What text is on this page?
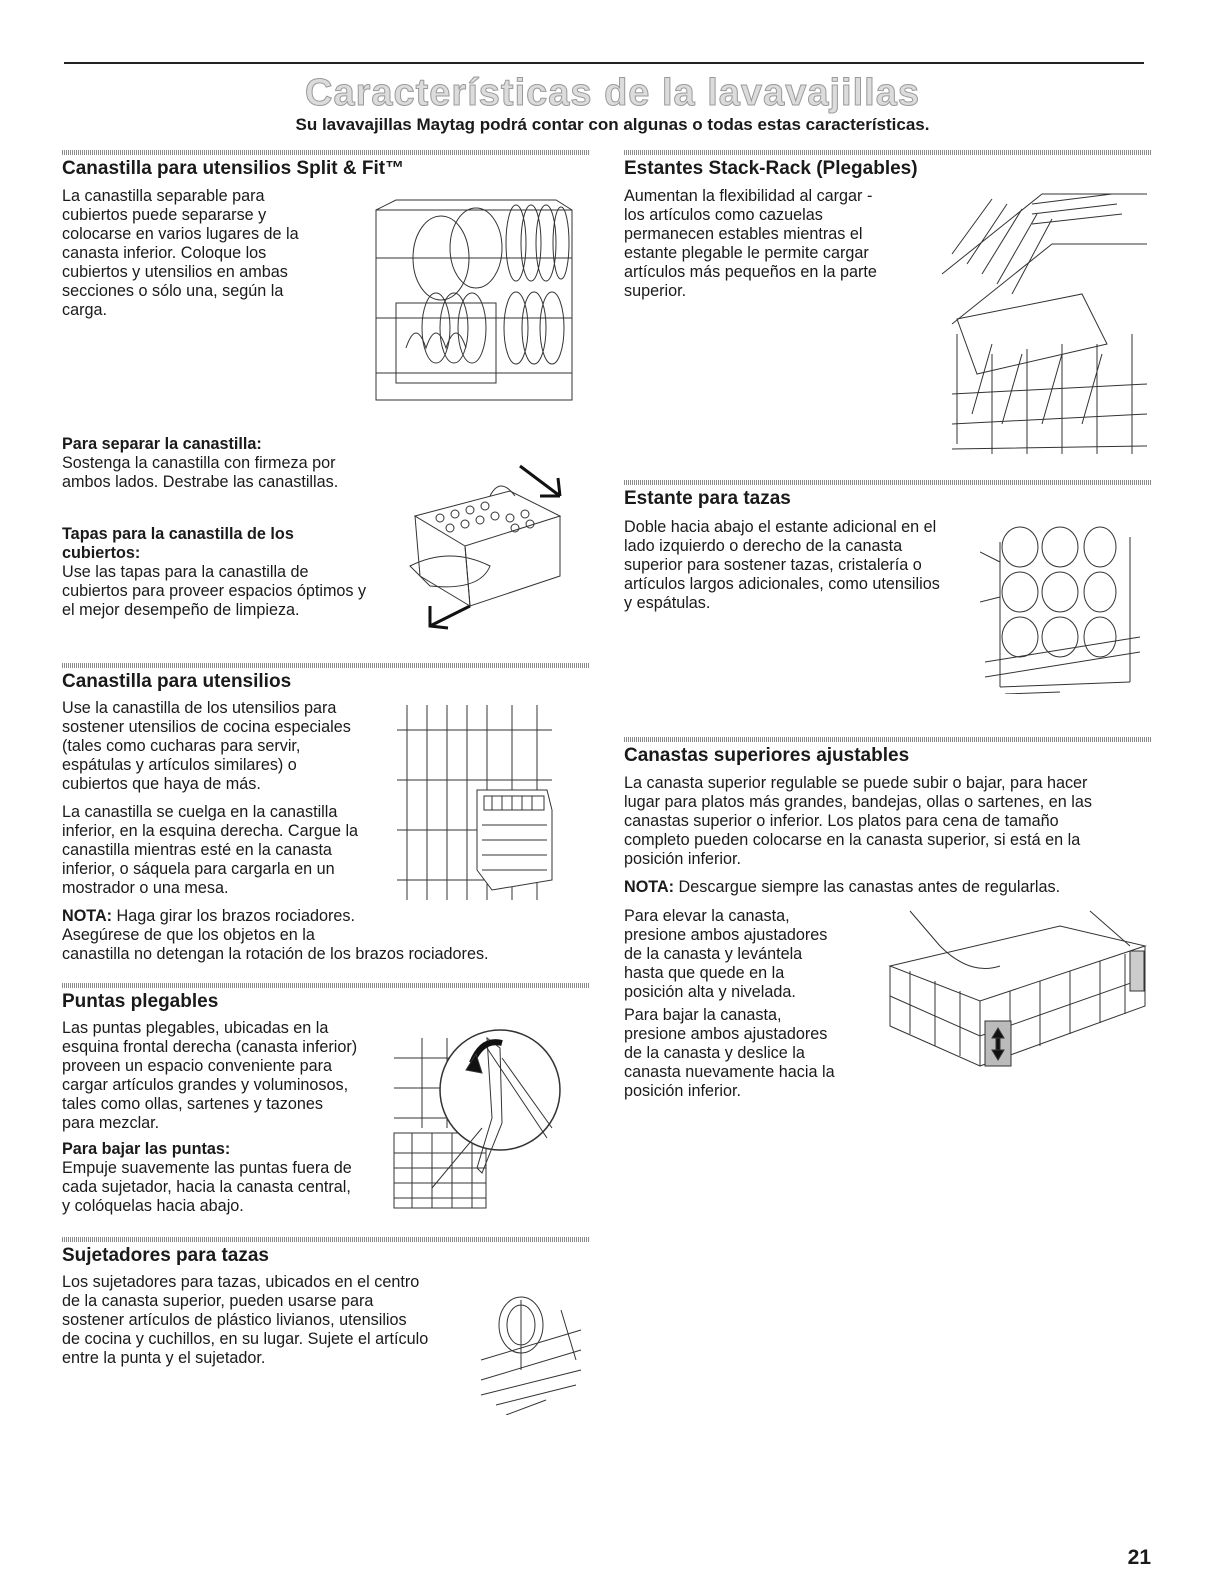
Características de la lavavajillas
Su lavavajillas Maytag podrá contar con algunas o todas estas características.
Canastilla para utensilios Split & Fit™

La canastilla separable para

cubiertos puede separarse y

colocarse en varios lugares de la

canasta inferior. Coloque los

cubiertos y utensilios en ambas

secciones o sólo una, según la

carga.

Para separar la canastilla:

Sostenga la canastilla con firmeza por

ambos lados. Destrabe las canastillas.

Tapas para la canastilla de los
cubiertos:

Use las tapas para la canastilla de

cubiertos para proveer espacios óptimos y

el mejor desempeño de limpieza.

Canastilla para utensilios

Use la canastilla de los utensilios para

sostener utensilios de cocina especiales

(tales como cucharas para servir,

espátulas y artículos similares) o

cubiertos que haya de más.

La canastilla se cuelga en la canastilla

inferior, en la esquina derecha. Cargue la

canastilla mientras esté en la canasta

inferior, o sáquela para cargarla en un

mostrador o una mesa.

NOTA: Haga girar los brazos rociadores.

Asegúrese de que los objetos en la

canastilla no detengan la rotación de los brazos rociadores.

Puntas plegables

Las puntas plegables, ubicadas en la

esquina frontal derecha (canasta inferior)

proveen un espacio conveniente para

cargar artículos grandes y voluminosos,

tales como ollas, sartenes y tazones

para mezclar.

Para bajar las puntas:

Empuje suavemente las puntas fuera de

cada sujetador, hacia la canasta central,

y colóquelas hacia abajo.

Sujetadores para tazas

Los sujetadores para tazas, ubicados en el centro

de la canasta superior, pueden usarse para

sostener artículos de plástico livianos, utensilios

de cocina y cuchillos, en su lugar. Sujete el artículo

entre la punta y el sujetador.

Estantes Stack-Rack (Plegables)

Aumentan la flexibilidad al cargar -

los artículos como cazuelas

permanecen estables mientras el

estante plegable le permite cargar

artículos más pequeños en la parte

superior.

Estante para tazas

Doble hacia abajo el estante adicional en el

lado izquierdo o derecho de la canasta

superior para sostener tazas, cristalería o

artículos largos adicionales, como utensilios

y espátulas.

Canastas superiores ajustables

La canasta superior regulable se puede subir o bajar, para hacer

lugar para platos más grandes, bandejas, ollas o sartenes, en las

canastas superior o inferior. Los platos para cena de tamaño

completo pueden colocarse en la canasta superior, si está en la

posición inferior.

NOTA: Descargue siempre las canastas antes de regularlas.

Para elevar la canasta,

presione ambos ajustadores

de la canasta y levántela

hasta que quede en la

posición alta y nivelada.

Para bajar la canasta,

presione ambos ajustadores

de la canasta y deslice la

canasta nuevamente hacia la

posición inferior.

21
